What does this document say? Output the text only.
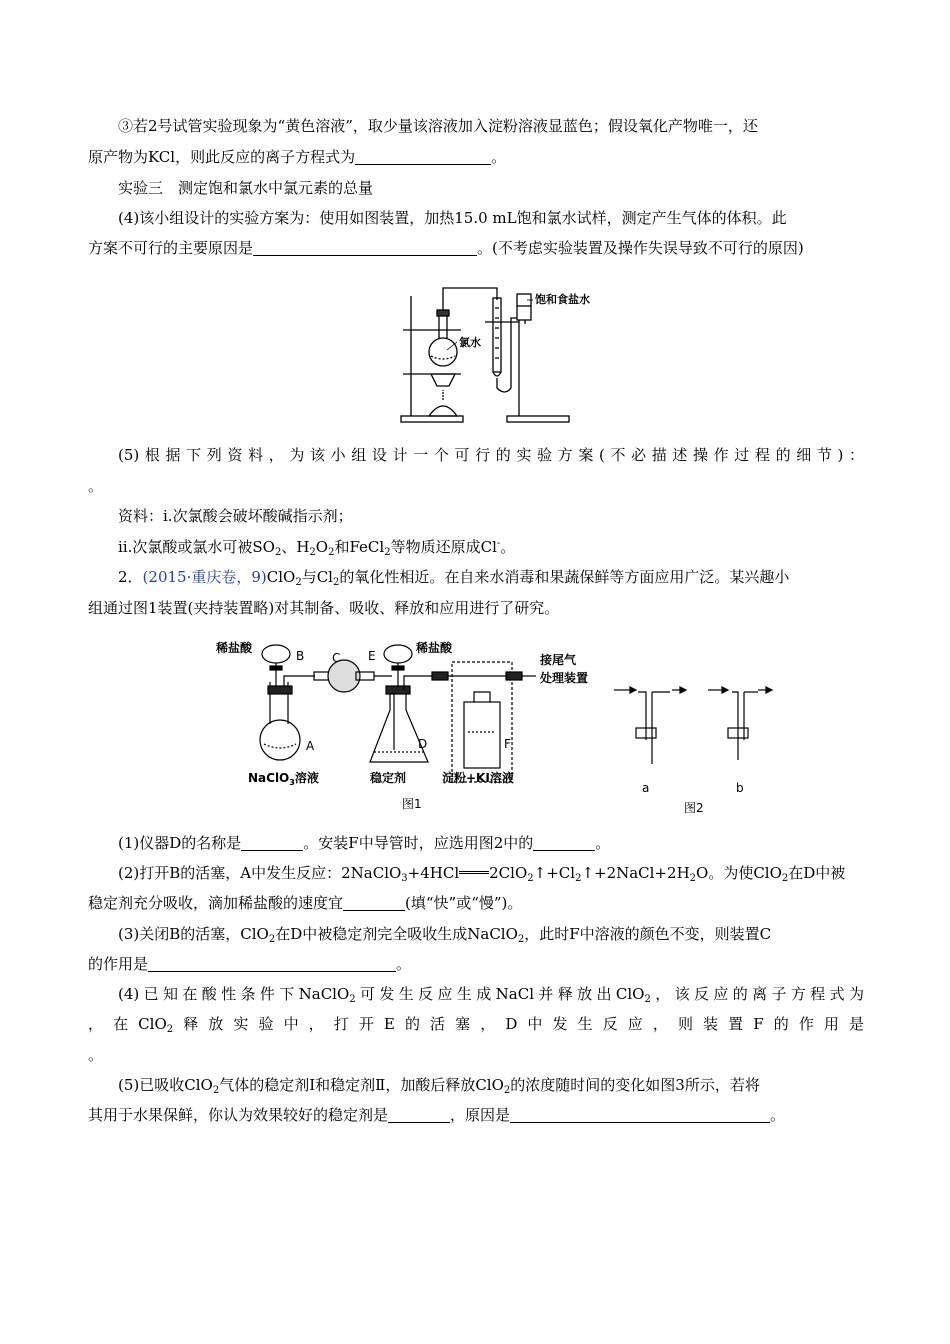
③若2号试管实验现象为“黄色溶液”，取少量该溶液加入淀粉溶液显蓝色；假设氧化产物唯一，还
原产物为KCl，则此反应的离子方程式为	。
实验三　测定饱和氯水中氯元素的总量
(4)该小组设计的实验方案为：使用如图装置，加热15.0 mL饱和氯水试样，测定产生气体的体积。此
方案不可行的主要原因是	。(不考虑实验装置及操作失误导致不可行的原因)
饱和食盐水
氯水
(5)根据下列资料，为该小组设计一个可行的实验方案(不必描述操作过程的细节)：
。
资料：ⅰ.次氯酸会破坏酸碱指示剂；
ⅱ.次氯酸或氯水可被$SO_2$、$H_2O_2$和FeCl$_2$等物质还原成Cl-。
2．(2015·重庆卷，9)ClO$_2$与$Cl_2$的氧化性相近。在自来水消毒和果蔬保鲜等方面应用广泛。某兴趣小
组通过图1装置(夹持装置略)对其制备、吸收、释放和应用进行了研究。
稀盐酸
B C E
稀盐酸
接尾气
处理装置
A	D	F
NaClO$_3$溶液	稳定剂	淀粉+KI溶液
图1
a	b
图2
(1)仪器D的名称是	。安装F中导管时，应选用图2中的	。
(2)打开B的活塞，A中发生反应：2NaClO$_3$+4HCl $2ClO_2↑+Cl_2↑+2NaCl+2H_2O$。为使ClO$_2$在D中被
稳定剂充分吸收，滴加稀盐酸的速度宜	(填“快”或“慢”)。
(3)关闭B的活塞，ClO$_2$在D中被稳定剂完全吸收生成NaClO$_2$，此时F中溶液的颜色不变，则装置C
的作用是	。
(4)已知在酸性条件下NaClO$_2$可发生反应生成NaCl并释放出ClO$_2$，该反应的离子方程式为
，在ClO$_2$释放实验中，打开E的活塞，D中发生反应，则装置F的作用是
。
(5)已吸收ClO$_2$气体的稳定剂Ⅰ和稳定剂Ⅱ，加酸后释放ClO$_2$的浓度随时间的变化如图3所示，若将
其用于水果保鲜，你认为效果较好的稳定剂是	，原因是	。
